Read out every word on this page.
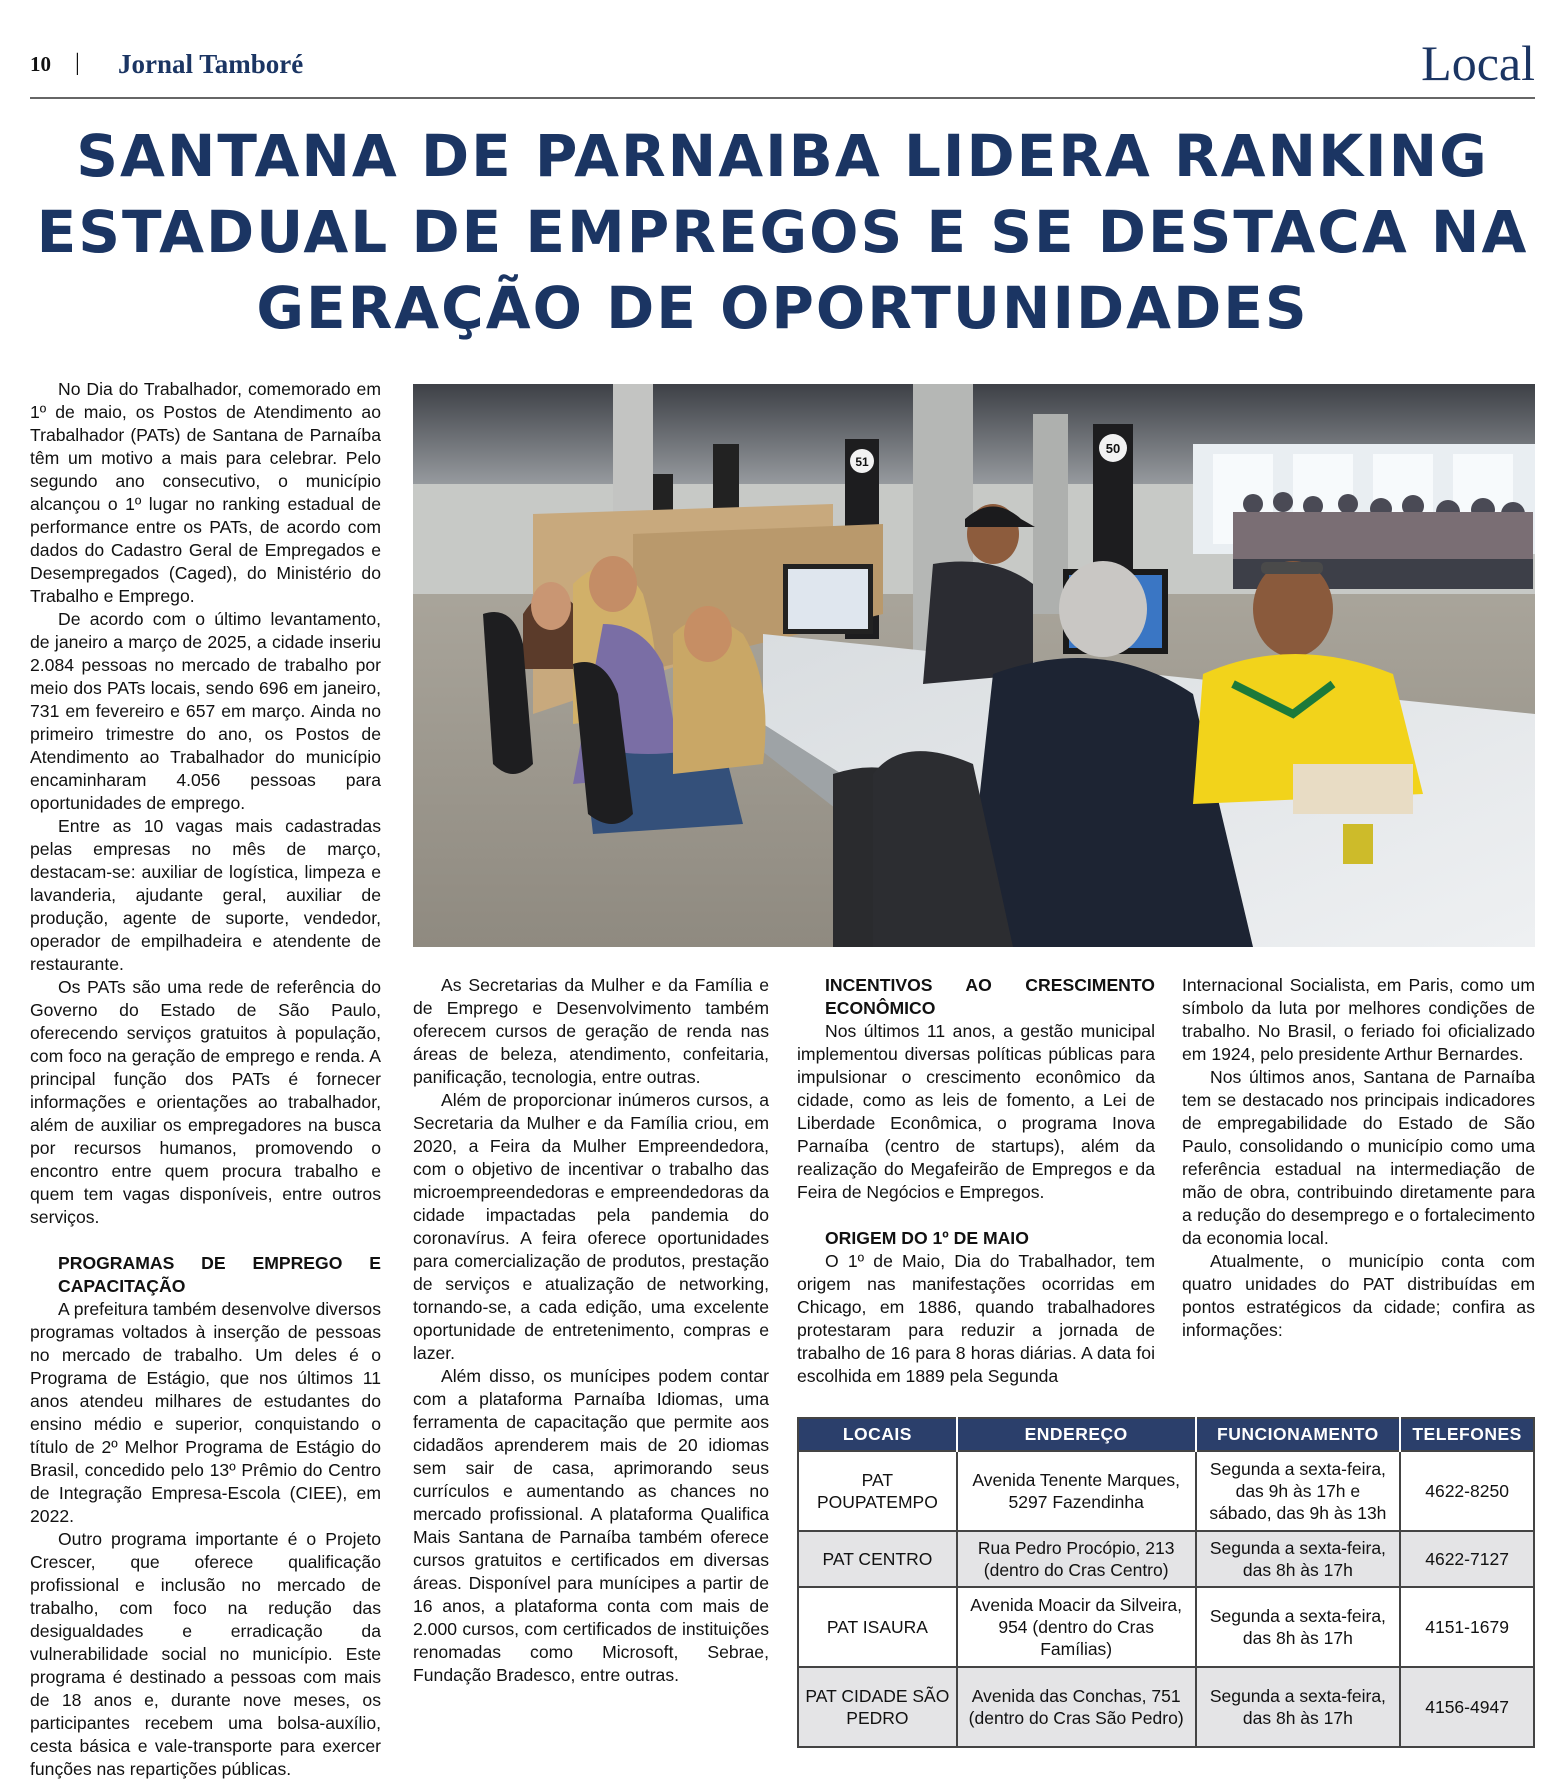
10 | Jornal Tamboré	Local
SANTANA DE PARNAIBA LIDERA RANKING ESTADUAL DE EMPREGOS E SE DESTACA NA GERAÇÃO DE OPORTUNIDADES

No Dia do Trabalhador, comemorado em 1º de maio, os Postos de Atendimento ao Trabalhador (PATs) de Santana de Parnaíba têm um motivo a mais para celebrar. Pelo segundo ano consecutivo, o município alcançou o 1º lugar no ranking estadual de performance entre os PATs, de acordo com dados do Cadastro Geral de Empregados e Desempregados (Caged), do Ministério do Trabalho e Emprego.

De acordo com o último levantamento, de janeiro a março de 2025, a cidade inseriu 2.084 pessoas no mercado de trabalho por meio dos PATs locais, sendo 696 em janeiro, 731 em fevereiro e 657 em março. Ainda no primeiro trimestre do ano, os Postos de Atendimento ao Trabalhador do município encaminharam 4.056 pessoas para oportunidades de emprego.

Entre as 10 vagas mais cadastradas pelas empresas no mês de março, destacam-se: auxiliar de logística, limpeza e lavanderia, ajudante geral, auxiliar de produção, agente de suporte, vendedor, operador de empilhadeira e atendente de restaurante.

Os PATs são uma rede de referência do Governo do Estado de São Paulo, oferecendo serviços gratuitos à população, com foco na geração de emprego e renda. A principal função dos PATs é fornecer informações e orientações ao trabalhador, além de auxiliar os empregadores na busca por recursos humanos, promovendo o encontro entre quem procura trabalho e quem tem vagas disponíveis, entre outros serviços.

PROGRAMAS DE EMPREGO E CAPACITAÇÃO

A prefeitura também desenvolve diversos programas voltados à inserção de pessoas no mercado de trabalho. Um deles é o Programa de Estágio, que nos últimos 11 anos atendeu milhares de estudantes do ensino médio e superior, conquistando o título de 2º Melhor Programa de Estágio do Brasil, concedido pelo 13º Prêmio do Centro de Integração Empresa-Escola (CIEE), em 2022.

Outro programa importante é o Projeto Crescer, que oferece qualificação profissional e inclusão no mercado de trabalho, com foco na redução das desigualdades e erradicação da vulnerabilidade social no município. Este programa é destinado a pessoas com mais de 18 anos e, durante nove meses, os participantes recebem uma bolsa-auxílio, cesta básica e vale-transporte para exercer funções nas repartições públicas.

50
51

As Secretarias da Mulher e da Família e de Emprego e Desenvolvimento também oferecem cursos de geração de renda nas áreas de beleza, atendimento, confeitaria, panificação, tecnologia, entre outras.

Além de proporcionar inúmeros cursos, a Secretaria da Mulher e da Família criou, em 2020, a Feira da Mulher Empreendedora, com o objetivo de incentivar o trabalho das microempreendedoras e empreendedoras da cidade impactadas pela pandemia do coronavírus. A feira oferece oportunidades para comercialização de produtos, prestação de serviços e atualização de networking, tornando-se, a cada edição, uma excelente oportunidade de entretenimento, compras e lazer.

Além disso, os munícipes podem contar com a plataforma Parnaíba Idiomas, uma ferramenta de capacitação que permite aos cidadãos aprenderem mais de 20 idiomas sem sair de casa, aprimorando seus currículos e aumentando as chances no mercado profissional. A plataforma Qualifica Mais Santana de Parnaíba também oferece cursos gratuitos e certificados em diversas áreas. Disponível para munícipes a partir de 16 anos, a plataforma conta com mais de 2.000 cursos, com certificados de instituições renomadas como Microsoft, Sebrae, Fundação Bradesco, entre outras.

INCENTIVOS AO CRESCIMENTO ECONÔMICO

Nos últimos 11 anos, a gestão municipal implementou diversas políticas públicas para impulsionar o crescimento econômico da cidade, como as leis de fomento, a Lei de Liberdade Econômica, o programa Inova Parnaíba (centro de startups), além da realização do Megafeirão de Empregos e da Feira de Negócios e Empregos.

ORIGEM DO 1º DE MAIO

O 1º de Maio, Dia do Trabalhador, tem origem nas manifestações ocorridas em Chicago, em 1886, quando trabalhadores protestaram para reduzir a jornada de trabalho de 16 para 8 horas diárias. A data foi escolhida em 1889 pela Segunda

Internacional Socialista, em Paris, como um símbolo da luta por melhores condições de trabalho. No Brasil, o feriado foi oficializado em 1924, pelo presidente Arthur Bernardes.

Nos últimos anos, Santana de Parnaíba tem se destacado nos principais indicadores de empregabilidade do Estado de São Paulo, consolidando o município como uma referência estadual na intermediação de mão de obra, contribuindo diretamente para a redução do desemprego e o fortalecimento da economia local.

Atualmente, o município conta com quatro unidades do PAT distribuídas em pontos estratégicos da cidade; confira as informações:

LOCAIS	ENDEREÇO	FUNCIONAMENTO	TELEFONES
PAT POUPATEMPO	Avenida Tenente Marques, 5297 Fazendinha	Segunda a sexta-feira, das 9h às 17h e sábado, das 9h às 13h	4622-8250
PAT CENTRO	Rua Pedro Procópio, 213 (dentro do Cras Centro)	Segunda a sexta-feira, das 8h às 17h	4622-7127
PAT ISAURA	Avenida Moacir da Silveira, 954 (dentro do Cras Famílias)	Segunda a sexta-feira, das 8h às 17h	4151-1679
PAT CIDADE SÃO PEDRO	Avenida das Conchas, 751 (dentro do Cras São Pedro)	Segunda a sexta-feira, das 8h às 17h	4156-4947
